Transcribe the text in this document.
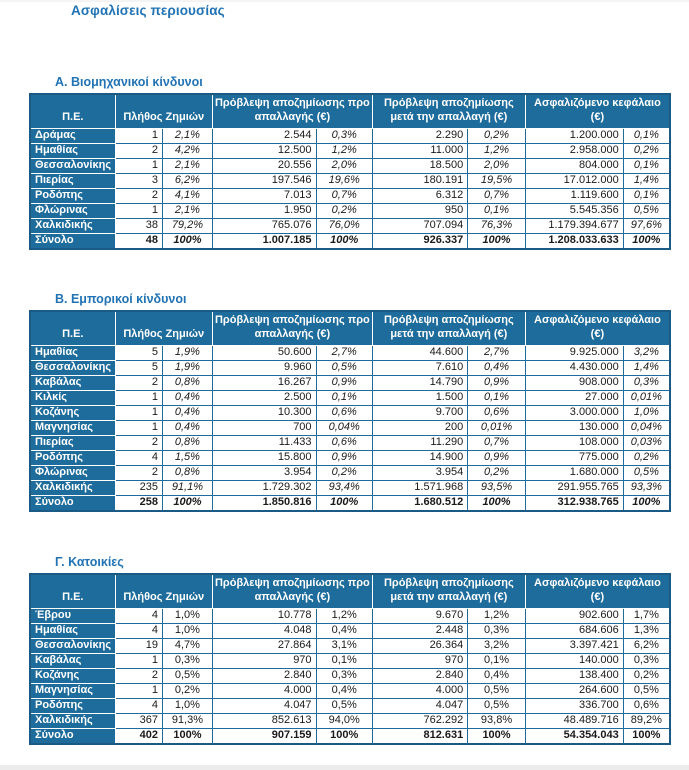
Ασφαλίσεις περιουσίας
Α. Βιομηχανικοί κίνδυνοι
Π.Ε.	Πλήθος Ζημιών		Πρόβλεψη αποζημίωσης προ απαλλαγής (€)		Πρόβλεψη αποζημίωσης μετά την απαλλαγή (€)		Ασφαλιζόμενο κεφάλαιο (€)	
Δράμας	1	2,1%	2.544	0,3%	2.290	0,2%	1.200.000	0,1%
Ημαθίας	2	4,2%	12.500	1,2%	11.000	1,2%	2.958.000	0,2%
Θεσσαλονίκης	1	2,1%	20.556	2,0%	18.500	2,0%	804.000	0,1%
Πιερίας	3	6,2%	197.546	19,6%	180.191	19,5%	17.012.000	1,4%
Ροδόπης	2	4,1%	7.013	0,7%	6.312	0,7%	1.119.600	0,1%
Φλώρινας	1	2,1%	1.950	0,2%	950	0,1%	5.545.356	0,5%
Χαλκιδικής	38	79,2%	765.076	76,0%	707.094	76,3%	1.179.394.677	97,6%
Σύνολο	48	100%	1.007.185	100%	926.337	100%	1.208.033.633	100%
Β. Εμπορικοί κίνδυνοι
Π.Ε.	Πλήθος Ζημιών		Πρόβλεψη αποζημίωσης προ απαλλαγής (€)		Πρόβλεψη αποζημίωσης μετά την απαλλαγή (€)		Ασφαλιζόμενο κεφάλαιο (€)	
Ημαθίας	5	1,9%	50.600	2,7%	44.600	2,7%	9.925.000	3,2%
Θεσσαλονίκης	5	1,9%	9.960	0,5%	7.610	0,4%	4.430.000	1,4%
Καβάλας	2	0,8%	16.267	0,9%	14.790	0,9%	908.000	0,3%
Κιλκίς	1	0,4%	2.500	0,1%	1.500	0,1%	27.000	0,01%
Κοζάνης	1	0,4%	10.300	0,6%	9.700	0,6%	3.000.000	1,0%
Μαγνησίας	1	0,4%	700	0,04%	200	0,01%	130.000	0,04%
Πιερίας	2	0,8%	11.433	0,6%	11.290	0,7%	108.000	0,03%
Ροδόπης	4	1,5%	15.800	0,9%	14.900	0,9%	775.000	0,2%
Φλώρινας	2	0,8%	3.954	0,2%	3.954	0,2%	1.680.000	0,5%
Χαλκιδικής	235	91,1%	1.729.302	93,4%	1.571.968	93,5%	291.955.765	93,3%
Σύνολο	258	100%	1.850.816	100%	1.680.512	100%	312.938.765	100%
Γ. Κατοικίες
Π.Ε.	Πλήθος Ζημιών		Πρόβλεψη αποζημίωσης προ απαλλαγής (€)		Πρόβλεψη αποζημίωσης μετά την απαλλαγή (€)		Ασφαλιζόμενο κεφάλαιο (€)	
Έβρου	4	1,0%	10.778	1,2%	9.670	1,2%	902.600	1,7%
Ημαθίας	4	1,0%	4.048	0,4%	2.448	0,3%	684.606	1,3%
Θεσσαλονίκης	19	4,7%	27.864	3,1%	26.364	3,2%	3.397.421	6,2%
Καβάλας	1	0,3%	970	0,1%	970	0,1%	140.000	0,3%
Κοζάνης	2	0,5%	2.840	0,3%	2.840	0,4%	138.400	0,2%
Μαγνησίας	1	0,2%	4.000	0,4%	4.000	0,5%	264.600	0,5%
Ροδόπης	4	1,0%	4.047	0,5%	4.047	0,5%	336.700	0,6%
Χαλκιδικής	367	91,3%	852.613	94,0%	762.292	93,8%	48.489.716	89,2%
Σύνολο	402	100%	907.159	100%	812.631	100%	54.354.043	100%
